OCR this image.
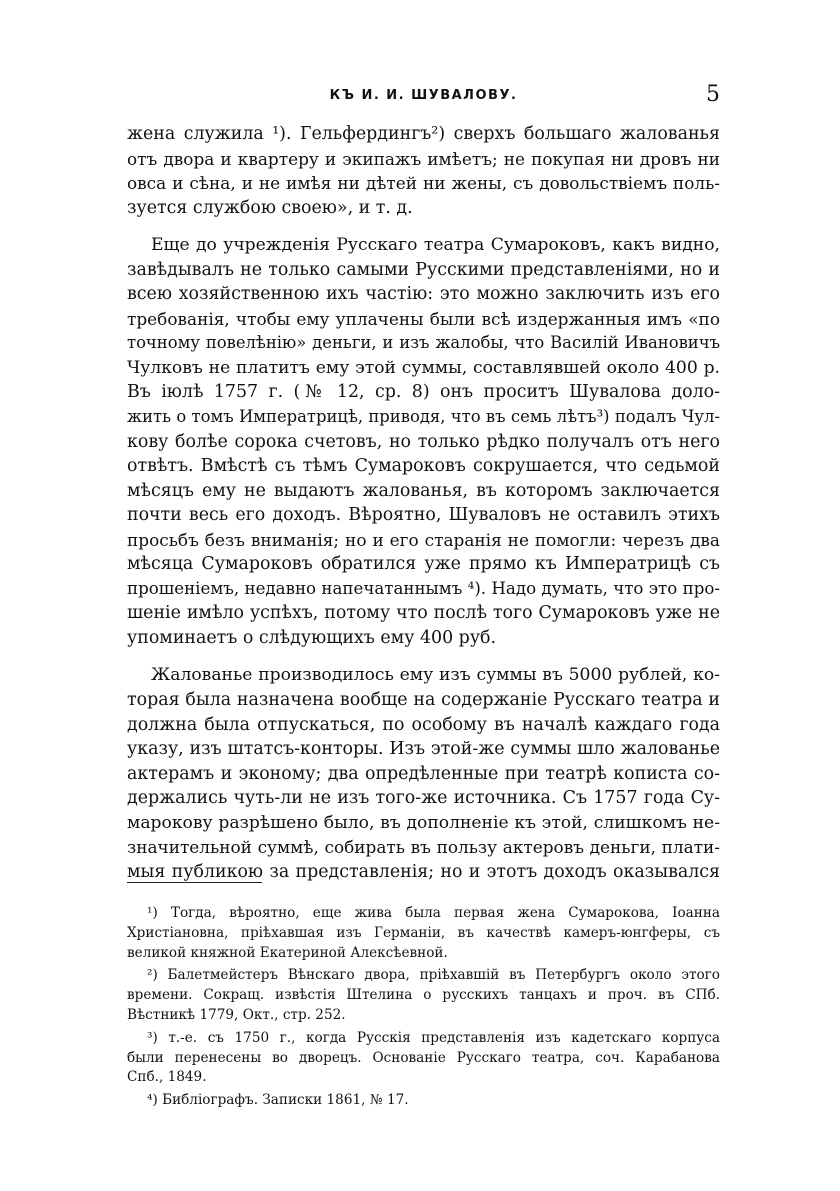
КЪ И. И. ШУВАЛОВУ.	5
жена служила ¹). Гельфердингъ²) сверхъ большаго жалованья
отъ двора и квартеру и экипажъ имѣетъ; не покупая ни дровъ ни
овса и сѣна, и не имѣя ни дѣтей ни жены, съ довольствіемъ поль-
зуется службою своею», и т. д.
Еще до учрежденія Русскаго театра Сумароковъ, какъ видно,
завѣдывалъ не только самыми Русскими представленіями, но и
всею хозяйственною ихъ частію: это можно заключить изъ его
требованія, чтобы ему уплачены были всѣ издержанныя имъ «по
точному повелѣнію» деньги, и изъ жалобы, что Василій Ивановичъ
Чулковъ не платитъ ему этой суммы, составлявшей около 400 р.
Въ іюлѣ 1757 г. (№ 12, ср. 8) онъ проситъ Шувалова доло-
жить о томъ Императрицѣ, приводя, что въ семь лѣтъ³) подалъ Чул-
кову болѣе сорока счетовъ, но только рѣдко получалъ отъ него
отвѣтъ. Вмѣстѣ съ тѣмъ Сумароковъ сокрушается, что седьмой
мѣсяцъ ему не выдаютъ жалованья, въ которомъ заключается
почти весь его доходъ. Вѣроятно, Шуваловъ не оставилъ этихъ
просьбъ безъ вниманія; но и его старанія не помогли: черезъ два
мѣсяца Сумароковъ обратился уже прямо къ Императрицѣ съ
прошеніемъ, недавно напечатаннымъ ⁴). Надо думать, что это про-
шеніе имѣло успѣхъ, потому что послѣ того Сумароковъ уже не
упоминаетъ о слѣдующихъ ему 400 руб.
Жалованье производилось ему изъ суммы въ 5000 рублей, ко-
торая была назначена вообще на содержаніе Русскаго театра и
должна была отпускаться, по особому въ началѣ каждаго года
указу, изъ штатсъ-конторы. Изъ этой-же суммы шло жалованье
актерамъ и эконому; два опредѣленные при театрѣ кописта со-
держались чуть-ли не изъ того-же источника. Съ 1757 года Су-
марокову разрѣшено было, въ дополненіе къ этой, слишкомъ не-
значительной суммѣ, собирать въ пользу актеровъ деньги, плати-
мыя публикою за представленія; но и этотъ доходъ оказывался
¹) Тогда, вѣроятно, еще жива была первая жена Сумарокова, Іоанна
Христіановна, пріѣхавшая изъ Германіи, въ качествѣ камеръ-юнгферы, съ
великой княжной Екатериной Алексѣевной.
²) Балетмейстеръ Вѣнскаго двора, пріѣхавшій въ Петербургъ около этого
времени. Сокращ. извѣстія Штелина о русскихъ танцахъ и проч. въ СПб.
Вѣстникѣ 1779, Окт., стр. 252.
³) т.-е. съ 1750 г., когда Русскія представленія изъ кадетскаго корпуса
были перенесены во дворецъ. Основаніе Русскаго театра, соч. Карабанова
Спб., 1849.
⁴) Библіографъ. Записки 1861, № 17.
